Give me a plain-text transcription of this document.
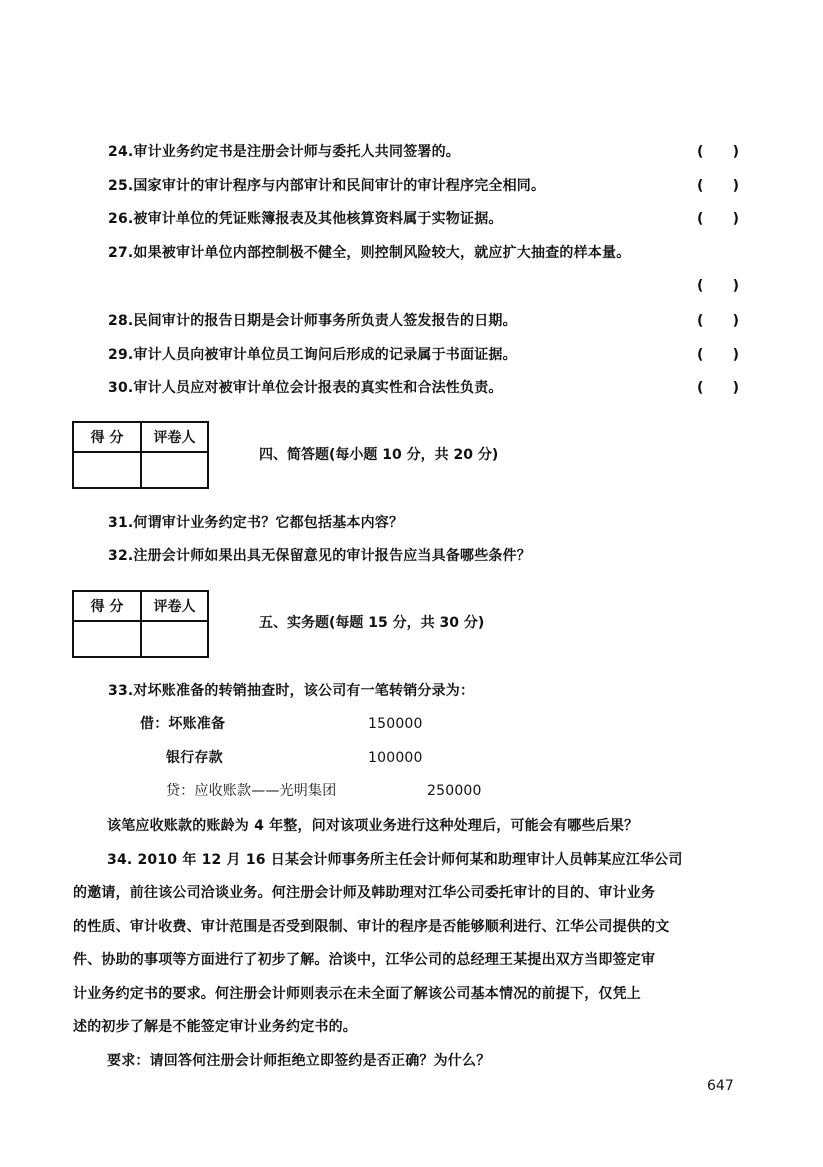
24.审计业务约定书是注册会计师与委托人共同签署的。	(      )
25.国家审计的审计程序与内部审计和民间审计的审计程序完全相同。	(      )
26.被审计单位的凭证账簿报表及其他核算资料属于实物证据。	(      )
27.如果被审计单位内部控制极不健全，则控制风险较大，就应扩大抽查的样本量。
(      )
28.民间审计的报告日期是会计师事务所负责人签发报告的日期。	(      )
29.审计人员向被审计单位员工询问后形成的记录属于书面证据。	(      )
30.审计人员应对被审计单位会计报表的真实性和合法性负责。	(      )
得 分	评卷人

四、简答题(每小题 10 分，共 20 分)
31.何谓审计业务约定书？它都包括基本内容？
32.注册会计师如果出具无保留意见的审计报告应当具备哪些条件？
得 分	评卷人

五、实务题(每题 15 分，共 30 分)
33.对坏账准备的转销抽查时，该公司有一笔转销分录为：
借：坏账准备	150000
银行存款	100000
贷：应收账款——光明集团	250000
该笔应收账款的账龄为 4 年整，问对该项业务进行这种处理后，可能会有哪些后果？
34. 2010 年 12 月 16 日某会计师事务所主任会计师何某和助理审计人员韩某应江华公司
的邀请，前往该公司洽谈业务。何注册会计师及韩助理对江华公司委托审计的目的、审计业务
的性质、审计收费、审计范围是否受到限制、审计的程序是否能够顺利进行、江华公司提供的文
件、协助的事项等方面进行了初步了解。洽谈中，江华公司的总经理王某提出双方当即签定审
计业务约定书的要求。何注册会计师则表示在未全面了解该公司基本情况的前提下，仅凭上
述的初步了解是不能签定审计业务约定书的。
要求：请回答何注册会计师拒绝立即签约是否正确？为什么？
647
